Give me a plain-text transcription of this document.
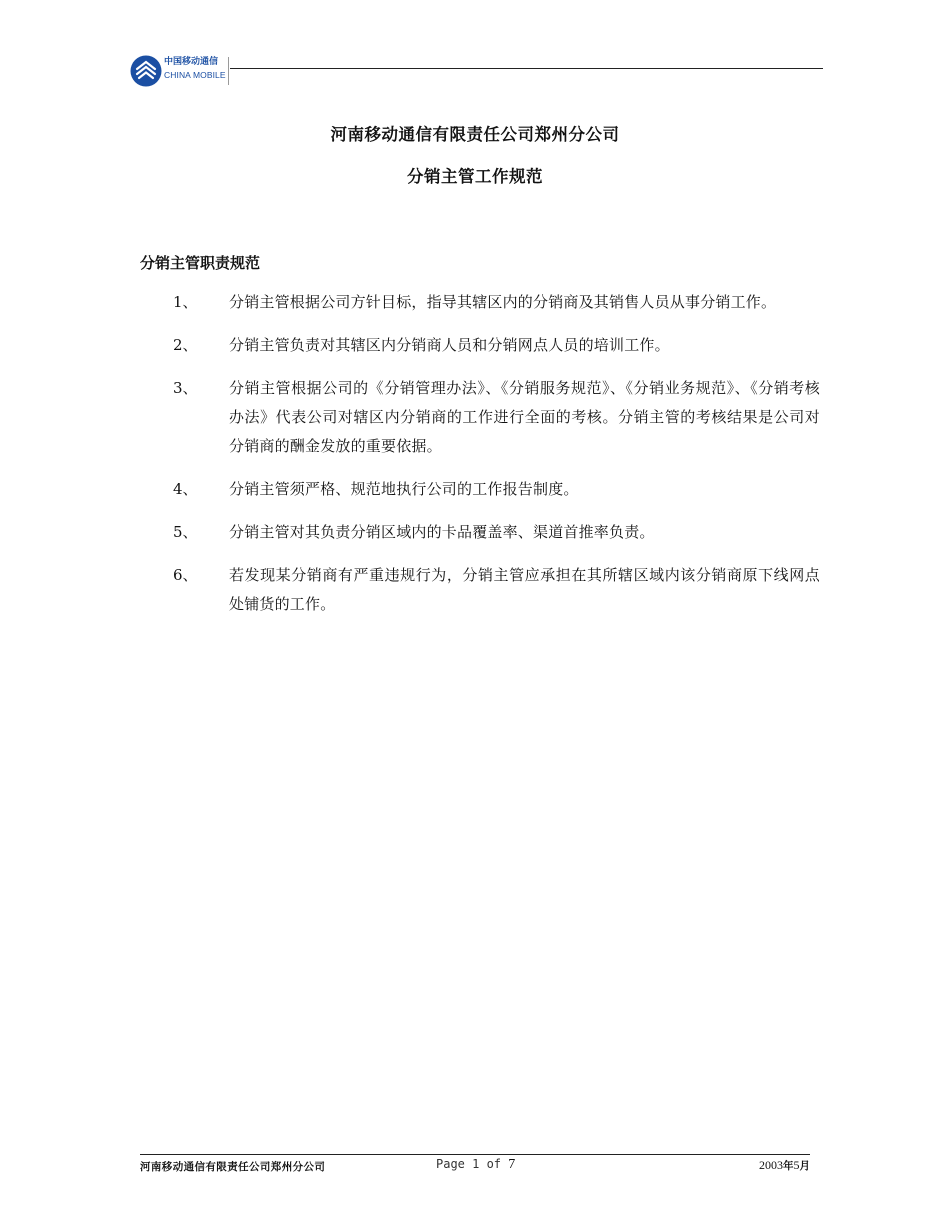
中国移动通信
CHINA MOBILE
河南移动通信有限责任公司郑州分公司
分销主管工作规范
分销主管职责规范
1、 分销主管根据公司方针目标，指导其辖区内的分销商及其销售人员从事分销工作。
2、 分销主管负责对其辖区内分销商人员和分销网点人员的培训工作。
3、 分销主管根据公司的《分销管理办法》、《分销服务规范》、《分销业务规范》、《分销考核办法》代表公司对辖区内分销商的工作进行全面的考核。分销主管的考核结果是公司对分销商的酬金发放的重要依据。
4、 分销主管须严格、规范地执行公司的工作报告制度。
5、 分销主管对其负责分销区域内的卡品覆盖率、渠道首推率负责。
6、 若发现某分销商有严重违规行为，分销主管应承担在其所辖区域内该分销商原下线网点处铺货的工作。
河南移动通信有限责任公司郑州分公司	Page 1 of 7	2003年5月
